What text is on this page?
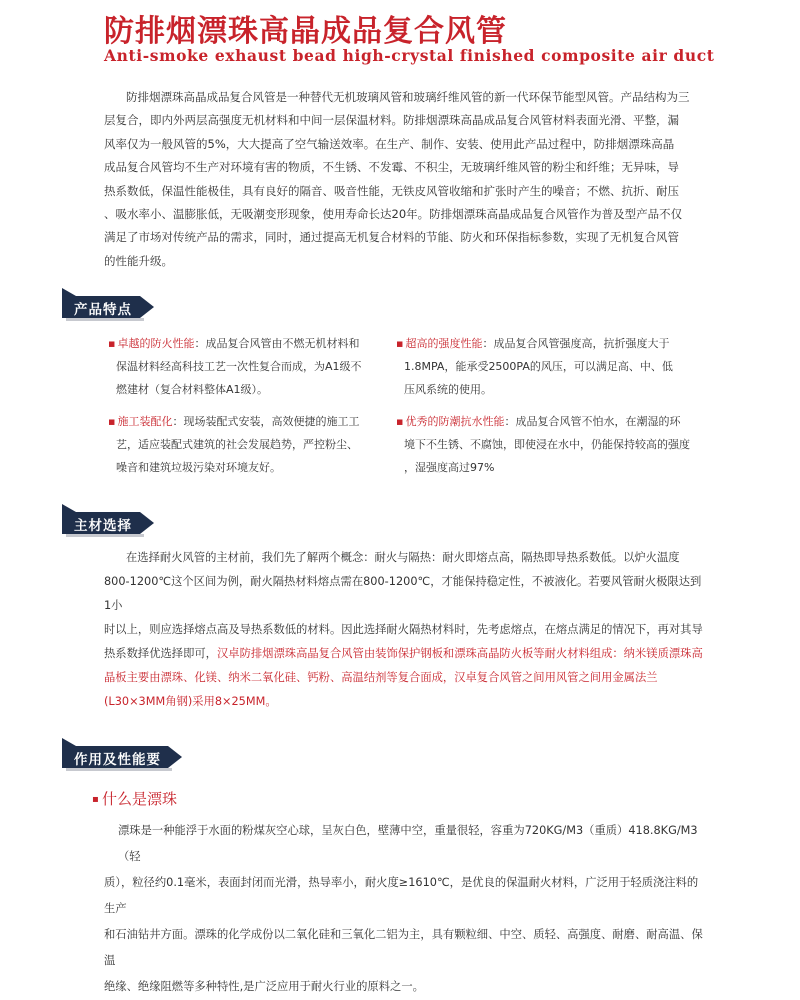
防排烟漂珠高晶成品复合风管
Anti-smoke exhaust bead high-crystal finished composite air duct
防排烟漂珠高晶成品复合风管是一种替代无机玻璃风管和玻璃纤维风管的新一代环保节能型风管。产品结构为三
层复合，即内外两层高强度无机材料和中间一层保温材料。防排烟漂珠高晶成品复合风管材料表面光滑、平整，漏
风率仅为一般风管的5%，大大提高了空气输送效率。在生产、制作、安装、使用此产品过程中，防排烟漂珠高晶
成品复合风管均不生产对环境有害的物质，不生锈、不发霉、不积尘，无玻璃纤维风管的粉尘和纤维；无异味，导
热系数低，保温性能极佳，具有良好的隔音、吸音性能，无铁皮风管收缩和扩张时产生的噪音；不燃、抗折、耐压
、吸水率小、温膨胀低，无吸潮变形现象，使用寿命长达20年。防排烟漂珠高晶成品复合风管作为普及型产品不仅
满足了市场对传统产品的需求，同时，通过提高无机复合材料的节能、防火和环保指标参数，实现了无机复合风管
的性能升级。
产品特点
▪ 卓越的防火性能：成品复合风管由不燃无机材料和
保温材料经高科技工艺一次性复合而成，为A1级不
燃建材（复合材料整体A1级）。
▪ 超高的强度性能：成品复合风管强度高，抗折强度大于
1.8MPA，能承受2500PA的风压，可以满足高、中、低
压风系统的使用。
▪ 施工装配化：现场装配式安装，高效便捷的施工工
艺，适应装配式建筑的社会发展趋势，严控粉尘、
噪音和建筑垃圾污染对环境友好。
▪ 优秀的防潮抗水性能：成品复合风管不怕水，在潮湿的环
境下不生锈、不腐蚀，即使浸在水中，仍能保持较高的强度
，湿强度高过97%
主材选择
在选择耐火风管的主材前，我们先了解两个概念：耐火与隔热：耐火即熔点高，隔热即导热系数低。以炉火温度
800-1200℃这个区间为例，耐火隔热材料熔点需在800-1200℃，才能保持稳定性，不被液化。若要风管耐火极限达到1小
时以上，则应选择熔点高及导热系数低的材料。因此选择耐火隔热材料时，先考虑熔点，在熔点满足的情况下，再对其导
热系数择优选择即可，汉卓防排烟漂珠高晶复合风管由装饰保护钢板和漂珠高晶防火板等耐火材料组成：纳米镁质漂珠高
晶板主要由漂珠、化镁、纳米二氧化硅、钙粉、高温结剂等复合面成，汉卓复合风管之间用风管之间用金属法兰
(L30×3MM角钢)采用8×25MM。
作用及性能要求
▪ 什么是漂珠
漂珠是一种能浮于水面的粉煤灰空心球，呈灰白色，壁薄中空，重量很轻，容重为720KG/M3（重质）418.8KG/M3（轻
质），粒径约0.1毫米，表面封闭而光滑，热导率小，耐火度≥1610℃，是优良的保温耐火材料，广泛用于轻质浇注料的生产
和石油钻井方面。漂珠的化学成份以二氧化硅和三氧化二铝为主，具有颗粒细、中空、质轻、高强度、耐磨、耐高温、保温
绝缘、绝缘阻燃等多种特性,是广泛应用于耐火行业的原料之一。
